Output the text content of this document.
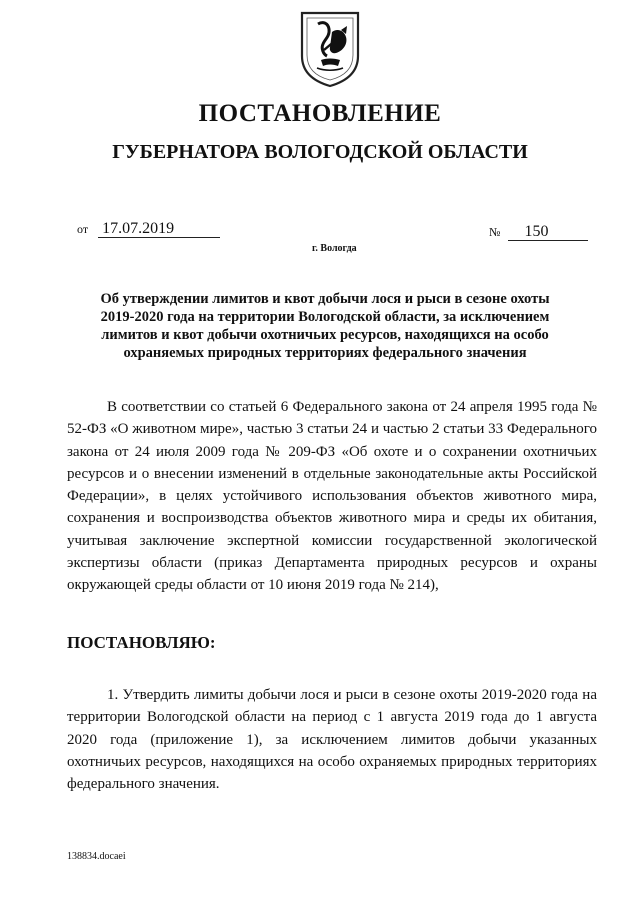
ПОСТАНОВЛЕНИЕ
ГУБЕРНАТОРА ВОЛОГОДСКОЙ ОБЛАСТИ
от 17.07.2019	№ 150
г. Вологда
Об утверждении лимитов и квот добычи лося и рыси в сезоне охоты 2019-2020 года на территории Вологодской области, за исключением лимитов и квот добычи охотничьих ресурсов, находящихся на особо охраняемых природных территориях федерального значения

В соответствии со статьей 6 Федерального закона от 24 апреля 1995 года № 52-ФЗ «О животном мире», частью 3 статьи 24 и частью 2 статьи 33 Федерального закона от 24 июля 2009 года № 209-ФЗ «Об охоте и о сохранении охотничьих ресурсов и о внесении изменений в отдельные законодательные акты Российской Федерации», в целях устойчивого использования объектов животного мира, сохранения и воспроизводства объектов животного мира и среды их обитания, учитывая заключение экспертной комиссии государственной экологической экспертизы области (приказ Департамента природных ресурсов и охраны окружающей среды области от 10 июня 2019 года № 214),

ПОСТАНОВЛЯЮ:

1. Утвердить лимиты добычи лося и рыси в сезоне охоты 2019-2020 года на территории Вологодской области на период с 1 августа 2019 года до 1 августа 2020 года (приложение 1), за исключением лимитов добычи указанных охотничьих ресурсов, находящихся на особо охраняемых природных территориях федерального значения.

138834.docaei
